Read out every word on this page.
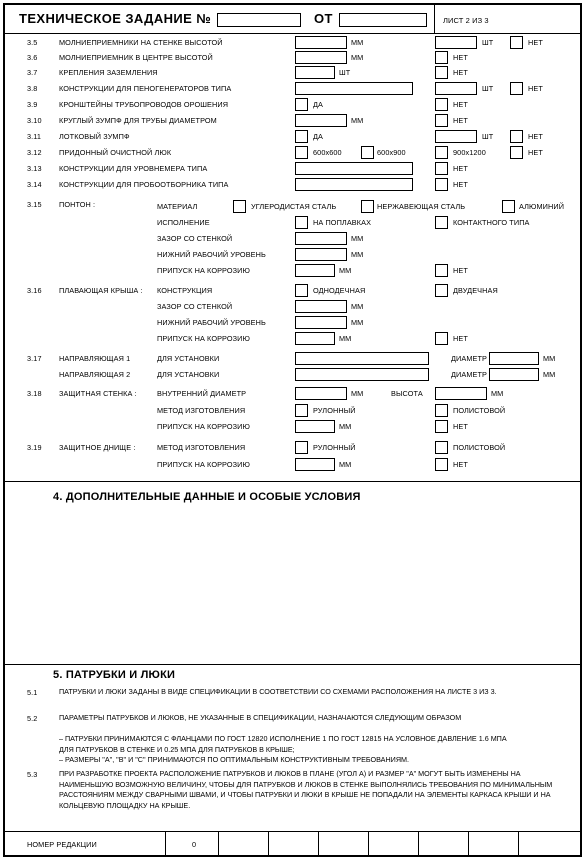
ТЕХНИЧЕСКОЕ ЗАДАНИЕ №	ОТ	ЛИСТ 2 ИЗ 3
3.5	МОЛНИЕПРИЕМНИКИ НА СТЕНКЕ ВЫСОТОЙ	ММ	ШТ	НЕТ
3.6	МОЛНИЕПРИЕМНИК В ЦЕНТРЕ ВЫСОТОЙ	ММ	НЕТ
3.7	КРЕПЛЕНИЯ ЗАЗЕМЛЕНИЯ	ШТ	НЕТ
3.8	КОНСТРУКЦИИ ДЛЯ ПЕНОГЕНЕРАТОРОВ ТИПА	ШТ	НЕТ
3.9	КРОНШТЕЙНЫ ТРУБОПРОВОДОВ ОРОШЕНИЯ	ДА	НЕТ
3.10 КРУГЛЫЙ ЗУМПФ ДЛЯ ТРУБЫ ДИАМЕТРОМ	ММ	НЕТ
3.11 ЛОТКОВЫЙ ЗУМПФ	ДА	ШТ	НЕТ
3.12 ПРИДОННЫЙ ОЧИСТНОЙ ЛЮК	600x600	600x900	900x1200	НЕТ
3.13 КОНСТРУКЦИИ ДЛЯ УРОВНЕМЕРА ТИПА	НЕТ
3.14 КОНСТРУКЦИИ ДЛЯ ПРОБООТБОРНИКА ТИПА	НЕТ
3.15 ПОНТОН :	МАТЕРИАЛ	УГЛЕРОДИСТАЯ СТАЛЬ	НЕРЖАВЕЮЩАЯ СТАЛЬ	АЛЮМИНИЙ
ИСПОЛНЕНИЕ	НА ПОПЛАВКАХ	КОНТАКТНОГО ТИПА
ЗАЗОР СО СТЕНКОЙ	ММ
НИЖНИЙ РАБОЧИЙ УРОВЕНЬ	ММ
ПРИПУСК НА КОРРОЗИЮ	ММ	НЕТ
3.16 ПЛАВАЮЩАЯ КРЫША : КОНСТРУКЦИЯ	ОДНОДЕЧНАЯ	ДВУДЕЧНАЯ
ЗАЗОР СО СТЕНКОЙ	ММ
НИЖНИЙ РАБОЧИЙ УРОВЕНЬ	ММ
ПРИПУСК НА КОРРОЗИЮ	ММ	НЕТ
3.17 НАПРАВЛЯЮЩАЯ 1	ДЛЯ УСТАНОВКИ	ДИАМЕТР	ММ
НАПРАВЛЯЮЩАЯ 2	ДЛЯ УСТАНОВКИ	ДИАМЕТР	ММ
3.18 ЗАЩИТНАЯ СТЕНКА :	ВНУТРЕННИЙ ДИАМЕТР	ММ	ВЫСОТА	ММ
МЕТОД ИЗГОТОВЛЕНИЯ	РУЛОННЫЙ	ПОЛИСТОВОЙ
ПРИПУСК НА КОРРОЗИЮ	ММ	НЕТ
3.19 ЗАЩИТНОЕ ДНИЩЕ :	МЕТОД ИЗГОТОВЛЕНИЯ	РУЛОННЫЙ	ПОЛИСТОВОЙ
ПРИПУСК НА КОРРОЗИЮ	ММ	НЕТ
4. ДОПОЛНИТЕЛЬНЫЕ ДАННЫЕ И ОСОБЫЕ УСЛОВИЯ
5. ПАТРУБКИ И ЛЮКИ
5.1	ПАТРУБКИ И ЛЮКИ ЗАДАНЫ В ВИДЕ СПЕЦИФИКАЦИИ В СООТВЕТСТВИИ СО СХЕМАМИ РАСПОЛОЖЕНИЯ НА ЛИСТЕ 3 ИЗ 3.
5.2	ПАРАМЕТРЫ ПАТРУБКОВ И ЛЮКОВ, НЕ УКАЗАННЫЕ В СПЕЦИФИКАЦИИ, НАЗНАЧАЮТСЯ СЛЕДУЮЩИМ ОБРАЗОМ
– ПАТРУБКИ ПРИНИМАЮТСЯ С ФЛАНЦАМИ ПО ГОСТ 12820 ИСПОЛНЕНИЕ 1 ПО ГОСТ 12815 НА УСЛОВНОЕ ДАВЛЕНИЕ 1.6 МПА ДЛЯ ПАТРУБКОВ В СТЕНКЕ И 0.25 МПА ДЛЯ ПАТРУБКОВ В КРЫШЕ;
– РАЗМЕРЫ "А", "В" И "С" ПРИНИМАЮТСЯ ПО ОПТИМАЛЬНЫМ КОНСТРУКТИВНЫМ ТРЕБОВАНИЯМ.
5.3	ПРИ РАЗРАБОТКЕ ПРОЕКТА РАСПОЛОЖЕНИЕ ПАТРУБКОВ И ЛЮКОВ В ПЛАНЕ (УГОЛ Α) И РАЗМЕР "А" МОГУТ БЫТЬ ИЗМЕНЕНЫ НА НАИМЕНЬШУЮ ВОЗМОЖНУЮ ВЕЛИЧИНУ, ЧТОБЫ ДЛЯ ПАТРУБКОВ И ЛЮКОВ В СТЕНКЕ ВЫПОЛНЯЛИСЬ ТРЕБОВАНИЯ ПО МИНИМАЛЬНЫМ РАССТОЯНИЯМ МЕЖДУ СВАРНЫМИ ШВАМИ, И ЧТОБЫ ПАТРУБКИ И ЛЮКИ В КРЫШЕ НЕ ПОПАДАЛИ НА ЭЛЕМЕНТЫ КАРКАСА КРЫШИ И НА КОЛЬЦЕВУЮ ПЛОЩАДКУ НА КРЫШЕ.
НОМЕР РЕДАКЦИИ	0
